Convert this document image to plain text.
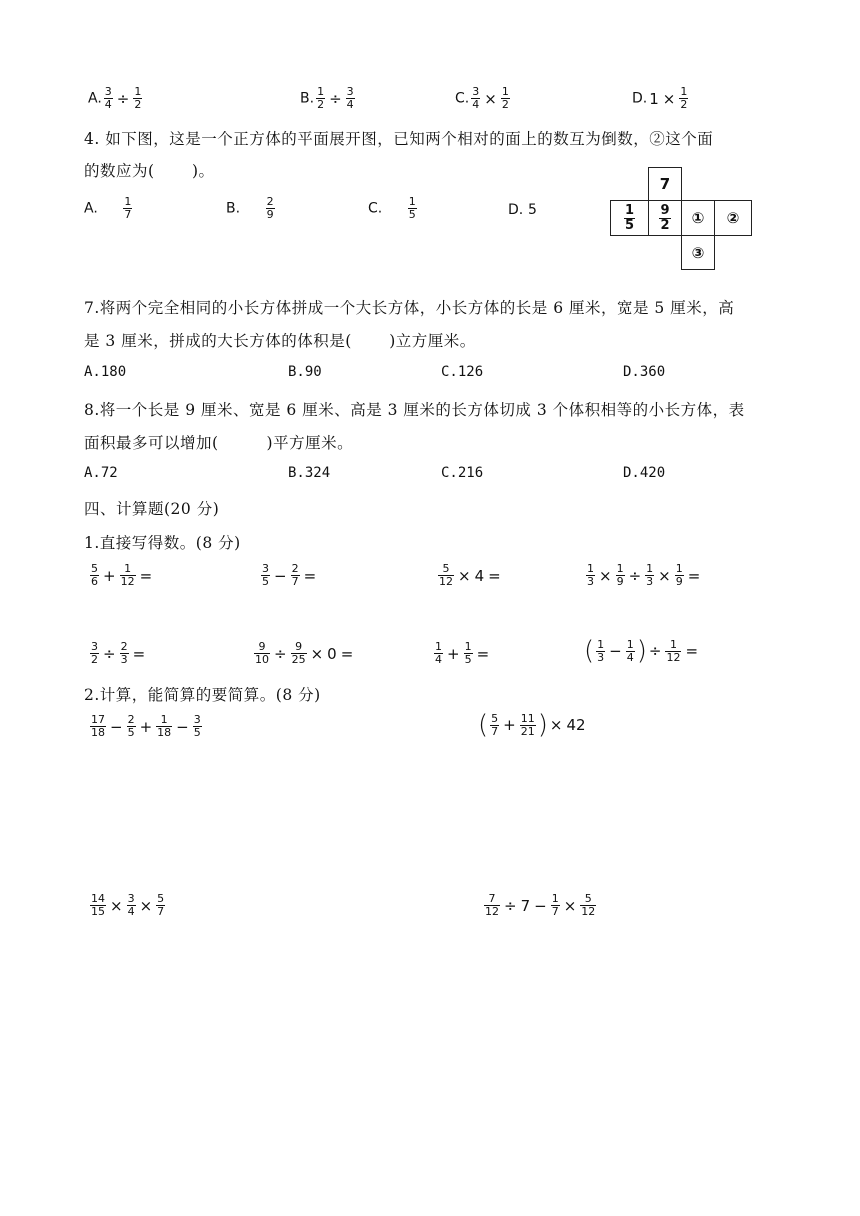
A. $\frac{3}{4} \div \frac{1}{2}$	B. $\frac{1}{2} \div \frac{3}{4}$	C. $\frac{3}{4} \times \frac{1}{2}$	D. $1 \times \frac{1}{2}$
4. 如下图，这是一个正方体的平面展开图，已知两个相对的面上的数互为倒数，②这个面
的数应为(　　 )。
A. $\frac{1}{7}$	B. $\frac{2}{9}$	C. $\frac{1}{5}$	D. 5
7
$\frac{1}{5} \frac{9}{2}$ ① ②
③
7.将两个完全相同的小长方体拼成一个大长方体，小长方体的长是 6 厘米，宽是 5 厘米，高
是 3 厘米，拼成的大长方体的体积是(　　 )立方厘米。
A.180	B.90	C.126	D.360
8.将一个长是 9 厘米、宽是 6 厘米、高是 3 厘米的长方体切成 3 个体积相等的小长方体，表
面积最多可以增加(　　　)平方厘米。
A.72	B.324	C.216	D.420
四、计算题(20 分)
1.直接写得数。(8 分)
$\frac{5}{6} + \frac{1}{12}$ =	$\frac{3}{5} - \frac{2}{7}$ =	$\frac{5}{12} \times 4$ =	$\frac{1}{3} \times \frac{1}{9} \div \frac{1}{3} \times \frac{1}{9}$ =
$\frac{3}{2} \div \frac{2}{3}$ =	$\frac{9}{10} \div \frac{9}{25} \times 0$ =	$\frac{1}{4} + \frac{1}{5}$ =	( $\frac{1}{3} - \frac{1}{4}$ ) ÷ $\frac{1}{12}$ =
2.计算，能简算的要简算。(8 分)
$\frac{17}{18} - \frac{2}{5} + \frac{1}{18} - \frac{3}{5}$	( $\frac{5}{7} + \frac{11}{21}$ ) × 42
$\frac{14}{15} \times \frac{3}{4} \times \frac{5}{7}$	$\frac{7}{12} \div 7 - \frac{1}{7} \times \frac{5}{12}$
